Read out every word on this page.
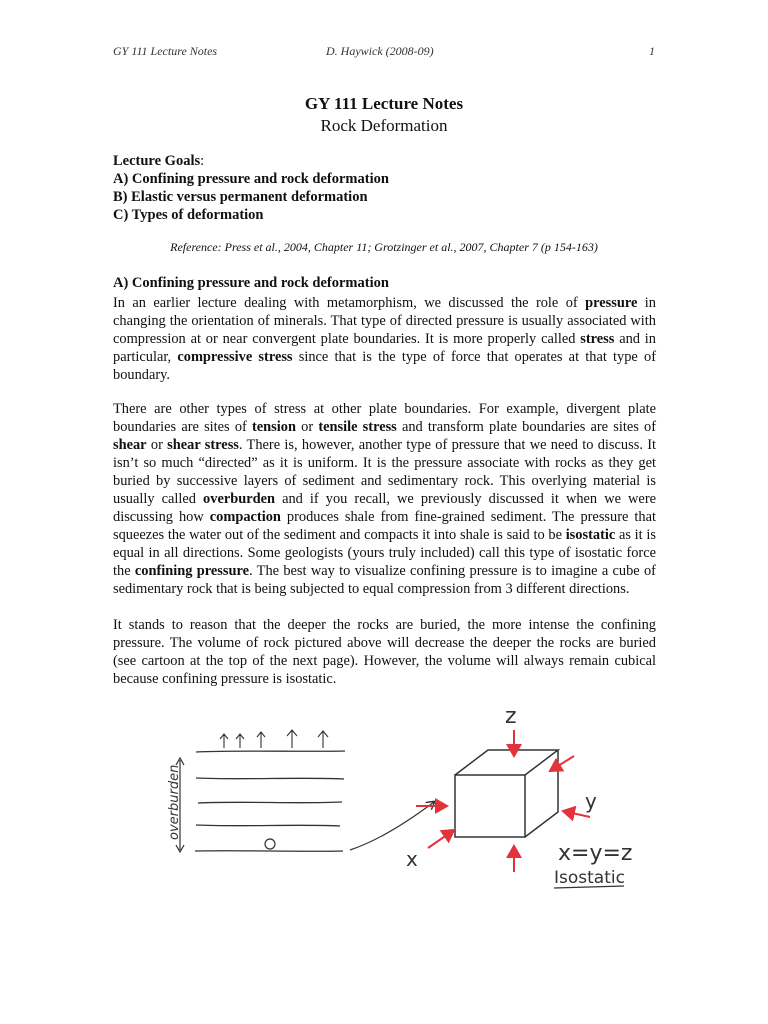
GY 111 Lecture Notes	D. Haywick (2008-09)	1
GY 111 Lecture Notes
Rock Deformation
Lecture Goals:
A) Confining pressure and rock deformation
B) Elastic versus permanent deformation
C) Types of deformation
Reference: Press et al., 2004, Chapter 11; Grotzinger et al., 2007, Chapter 7 (p 154-163)
A) Confining pressure and rock deformation
In an earlier lecture dealing with metamorphism, we discussed the role of pressure in changing the orientation of minerals. That type of directed pressure is usually associated with compression at or near convergent plate boundaries. It is more properly called stress and in particular, compressive stress since that is the type of force that operates at that type of boundary.
There are other types of stress at other plate boundaries. For example, divergent plate boundaries are sites of tension or tensile stress and transform plate boundaries are sites of shear or shear stress. There is, however, another type of pressure that we need to discuss. It isn’t so much “directed” as it is uniform. It is the pressure associate with rocks as they get buried by successive layers of sediment and sedimentary rock. This overlying material is usually called overburden and if you recall, we previously discussed it when we were discussing how compaction produces shale from fine-grained sediment. The pressure that squeezes the water out of the sediment and compacts it into shale is said to be isostatic as it is equal in all directions. Some geologists (yours truly included) call this type of isostatic force the confining pressure. The best way to visualize confining pressure is to imagine a cube of sedimentary rock that is being subjected to equal compression from 3 different directions.
It stands to reason that the deeper the rocks are buried, the more intense the confining pressure. The volume of rock pictured above will decrease the deeper the rocks are buried (see cartoon at the top of the next page). However, the volume will always remain cubical because confining pressure is isostatic.
overburden
z
y
x	x=y=z
Isostatic
